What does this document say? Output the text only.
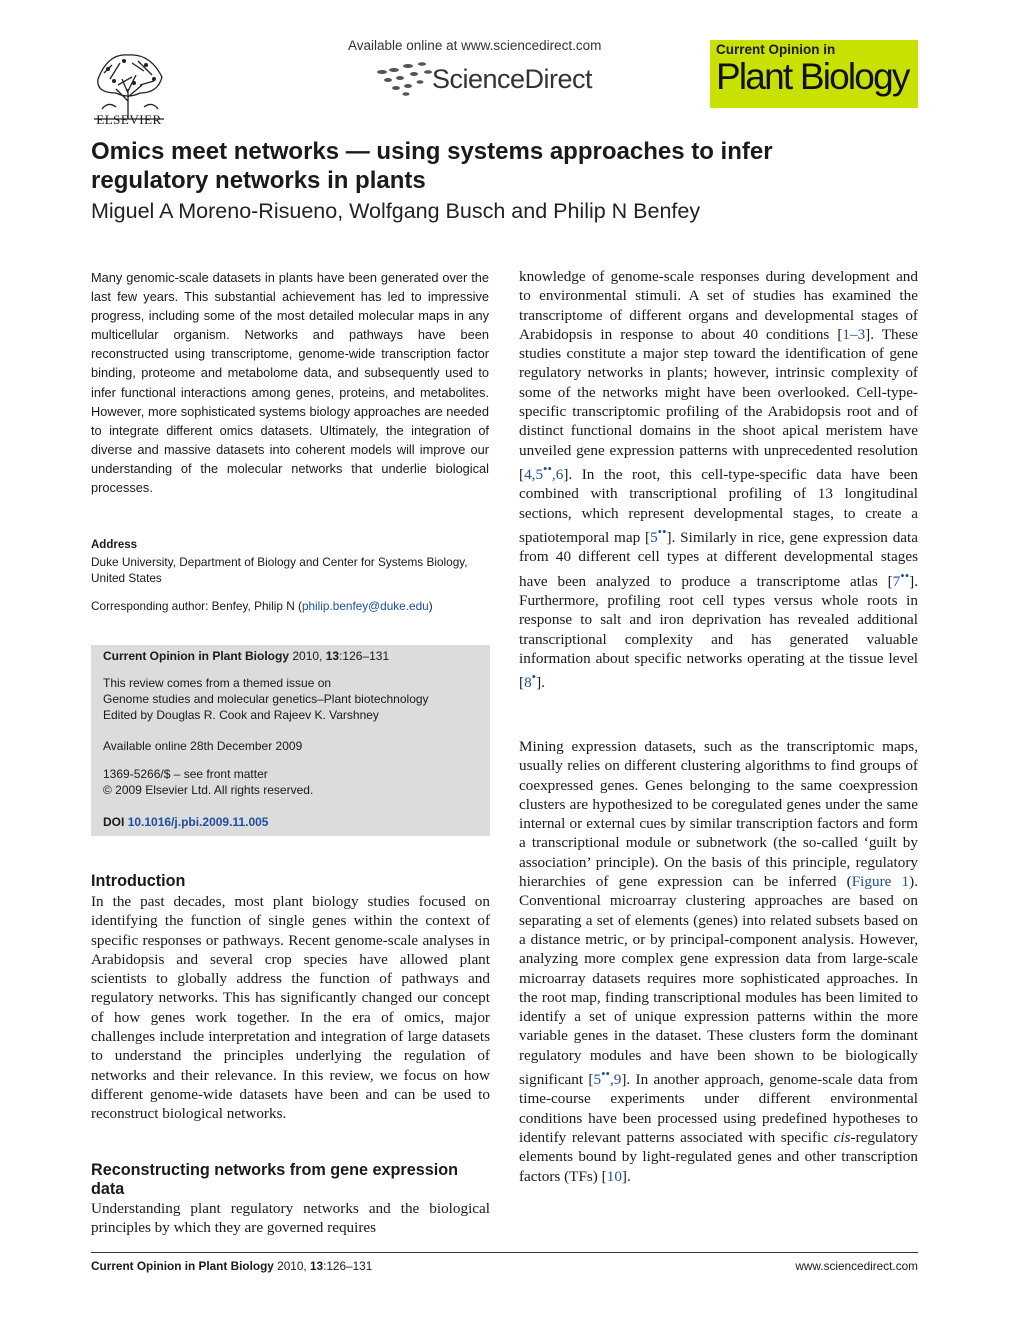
ELSEVIER
Available online at www.sciencedirect.com
ScienceDirect
Current Opinion in
Plant Biology
Omics meet networks — using systems approaches to infer regulatory networks in plants
Miguel A Moreno-Risueno, Wolfgang Busch and Philip N Benfey
Many genomic-scale datasets in plants have been generated over the last few years. This substantial achievement has led to impressive progress, including some of the most detailed molecular maps in any multicellular organism. Networks and pathways have been reconstructed using transcriptome, genome-wide transcription factor binding, proteome and metabolome data, and subsequently used to infer functional interactions among genes, proteins, and metabolites. However, more sophisticated systems biology approaches are needed to integrate different omics datasets. Ultimately, the integration of diverse and massive datasets into coherent models will improve our understanding of the molecular networks that underlie biological processes.
Address
Duke University, Department of Biology and Center for Systems Biology, United States
Corresponding author: Benfey, Philip N (philip.benfey@duke.edu)
Current Opinion in Plant Biology 2010, 13:126–131
This review comes from a themed issue on
Genome studies and molecular genetics–Plant biotechnology
Edited by Douglas R. Cook and Rajeev K. Varshney
Available online 28th December 2009
1369-5266/$ – see front matter
© 2009 Elsevier Ltd. All rights reserved.
DOI 10.1016/j.pbi.2009.11.005
Introduction
In the past decades, most plant biology studies focused on identifying the function of single genes within the context of specific responses or pathways. Recent genome-scale analyses in Arabidopsis and several crop species have allowed plant scientists to globally address the function of pathways and regulatory networks. This has significantly changed our concept of how genes work together. In the era of omics, major challenges include interpretation and integration of large datasets to understand the principles underlying the regulation of networks and their relevance. In this review, we focus on how different genome-wide datasets have been and can be used to reconstruct biological networks.
Reconstructing networks from gene expression data
Understanding plant regulatory networks and the biological principles by which they are governed requires
knowledge of genome-scale responses during development and to environmental stimuli. A set of studies has examined the transcriptome of different organs and developmental stages of Arabidopsis in response to about 40 conditions [1–3]. These studies constitute a major step toward the identification of gene regulatory networks in plants; however, intrinsic complexity of some of the networks might have been overlooked. Cell-type-specific transcriptomic profiling of the Arabidopsis root and of distinct functional domains in the shoot apical meristem have unveiled gene expression patterns with unprecedented resolution [4,5••,6]. In the root, this cell-type-specific data have been combined with transcriptional profiling of 13 longitudinal sections, which represent developmental stages, to create a spatiotemporal map [5••]. Similarly in rice, gene expression data from 40 different cell types at different developmental stages have been analyzed to produce a transcriptome atlas [7••]. Furthermore, profiling root cell types versus whole roots in response to salt and iron deprivation has revealed additional transcriptional complexity and has generated valuable information about specific networks operating at the tissue level [8•].
Mining expression datasets, such as the transcriptomic maps, usually relies on different clustering algorithms to find groups of coexpressed genes. Genes belonging to the same coexpression clusters are hypothesized to be coregulated genes under the same internal or external cues by similar transcription factors and form a transcriptional module or subnetwork (the so-called ‘guilt by association’ principle). On the basis of this principle, regulatory hierarchies of gene expression can be inferred (Figure 1). Conventional microarray clustering approaches are based on separating a set of elements (genes) into related subsets based on a distance metric, or by principal-component analysis. However, analyzing more complex gene expression data from large-scale microarray datasets requires more sophisticated approaches. In the root map, finding transcriptional modules has been limited to identify a set of unique expression patterns within the more variable genes in the dataset. These clusters form the dominant regulatory modules and have been shown to be biologically significant [5••,9]. In another approach, genome-scale data from time-course experiments under different environmental conditions have been processed using predefined hypotheses to identify relevant patterns associated with specific cis-regulatory elements bound by light-regulated genes and other transcription factors (TFs) [10].
Current Opinion in Plant Biology 2010, 13:126–131	www.sciencedirect.com
